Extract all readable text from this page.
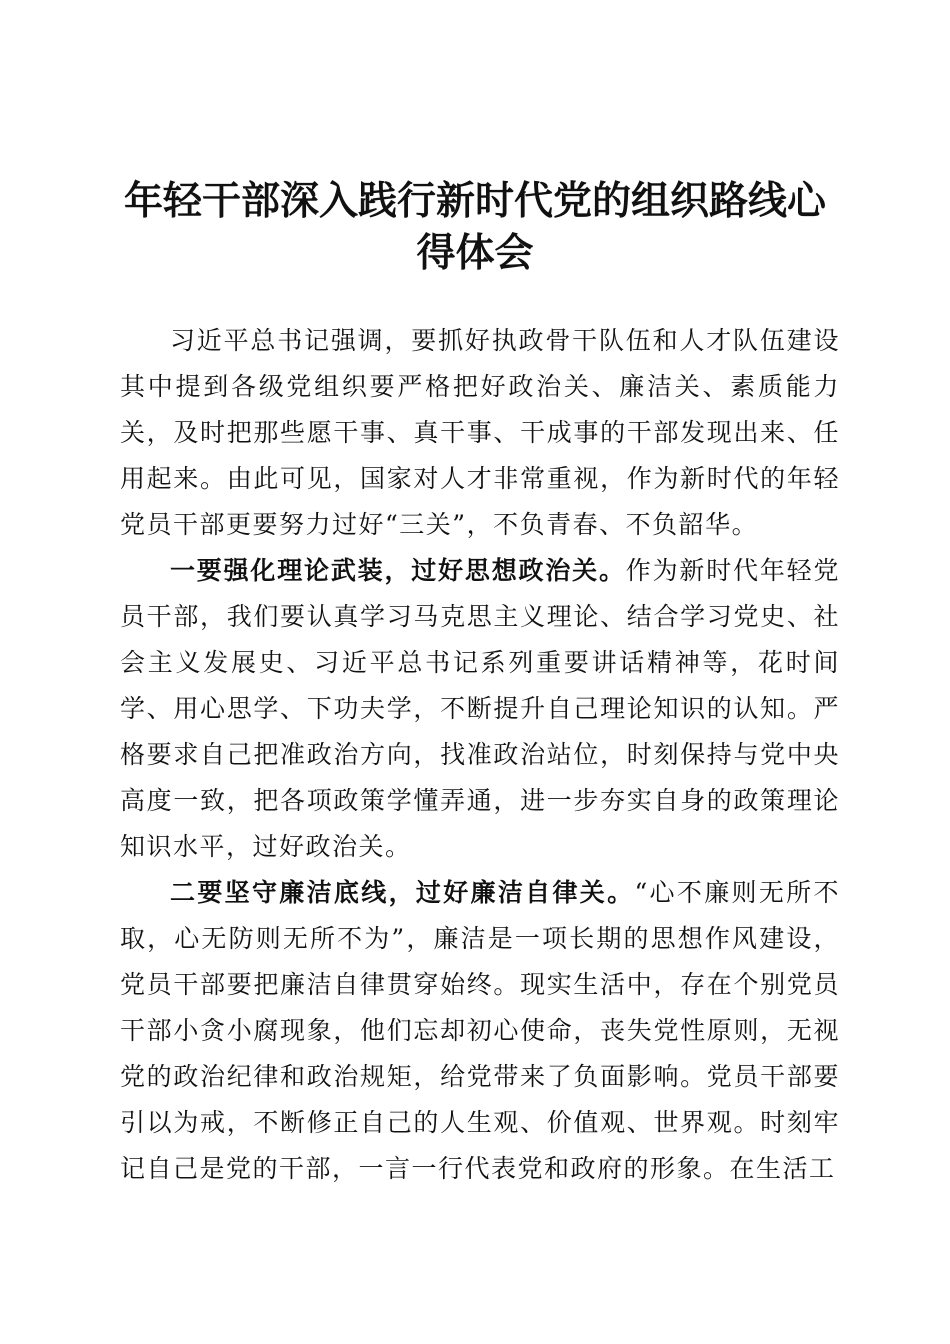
年轻干部深入践行新时代党的组织路线心得体会

习近平总书记强调，要抓好执政骨干队伍和人才队伍建设其中提到各级党组织要严格把好政治关、廉洁关、素质能力关，及时把那些愿干事、真干事、干成事的干部发现出来、任用起来。由此可见，国家对人才非常重视，作为新时代的年轻党员干部更要努力过好“三关”，不负青春、不负韶华。

一要强化理论武装，过好思想政治关。作为新时代年轻党员干部，我们要认真学习马克思主义理论、结合学习党史、社会主义发展史、习近平总书记系列重要讲话精神等，花时间学、用心思学、下功夫学，不断提升自己理论知识的认知。严格要求自己把准政治方向，找准政治站位，时刻保持与党中央高度一致，把各项政策学懂弄通，进一步夯实自身的政策理论知识水平，过好政治关。

二要坚守廉洁底线，过好廉洁自律关。“心不廉则无所不取，心无防则无所不为”，廉洁是一项长期的思想作风建设，党员干部要把廉洁自律贯穿始终。现实生活中，存在个别党员干部小贪小腐现象，他们忘却初心使命，丧失党性原则，无视党的政治纪律和政治规矩，给党带来了负面影响。党员干部要引以为戒，不断修正自己的人生观、价值观、世界观。时刻牢记自己是党的干部，一言一行代表党和政府的形象。在生活工
